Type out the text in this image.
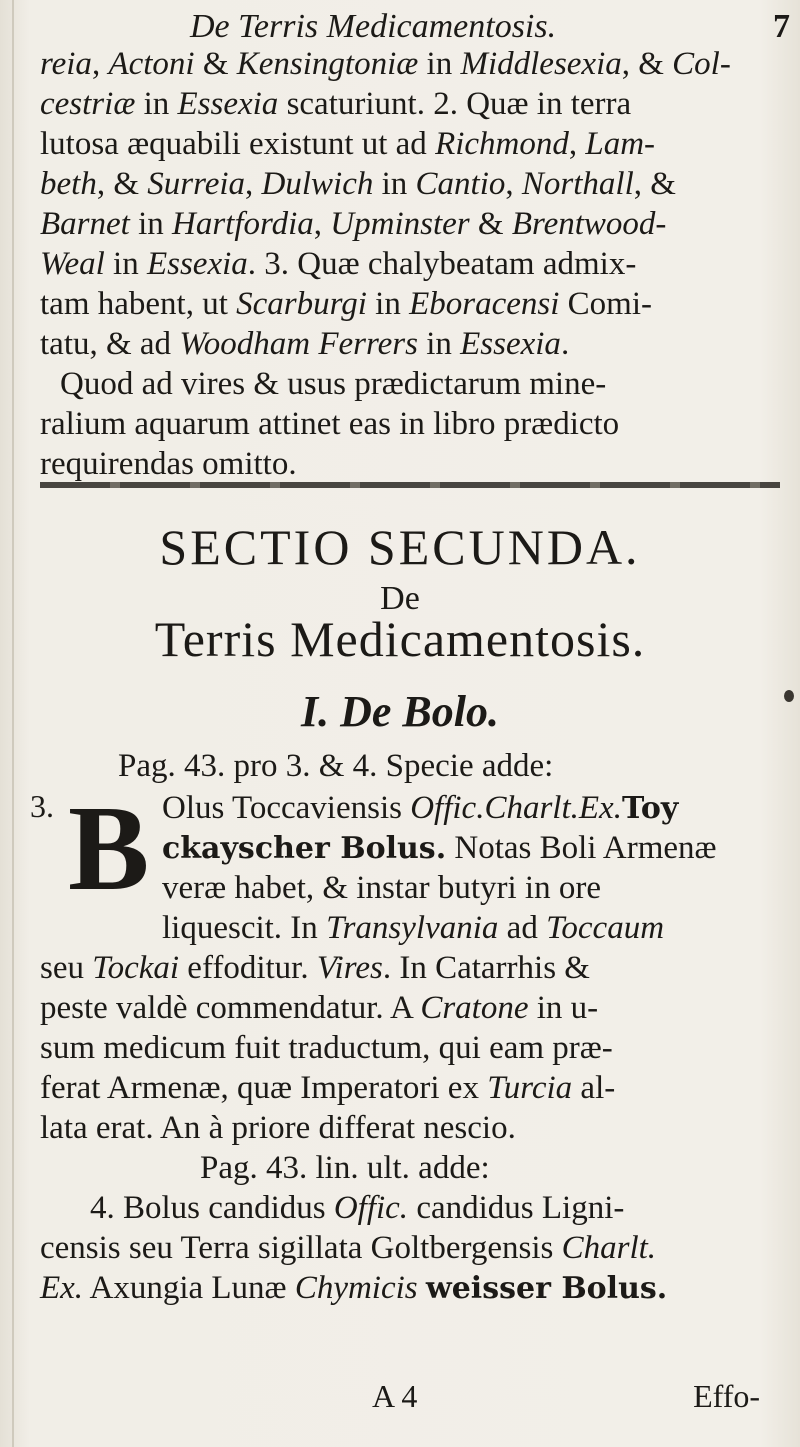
De Terris Medicamentosis.	7
reia, Actoni & Kensingtoniæ in Middlesexia, & Col-
cestriæ in Essexia scaturiunt. 2. Quæ in terra
lutosa æquabili existunt ut ad Richmond, Lam-
beth, & Surreia, Dulwich in Cantio, Northall, &
Barnet in Hartfordia, Upminster & Brentwood-
Weal in Essexia. 3. Quæ chalybeatam admix-
tam habent, ut Scarburgi in Eboracensi Comi-
tatu, & ad Woodham Ferrers in Essexia.
Quod ad vires & usus prædictarum mine-
ralium aquarum attinet eas in libro prædicto
requirendas omitto.
SECTIO SECUNDA.
De
Terris Medicamentosis.
I. De Bolo.
Pag. 43. pro 3. & 4. Specie adde:
3. B Olus Toccaviensis Offic.Charlt.Ex.Toy
ckayscher Bolus. Notas Boli Armenæ
veræ habet, & instar butyri in ore
liquescit. In Transylvania ad Toccaum
seu Tockai effoditur. Vires. In Catarrhis &
peste valdè commendatur. A Cratone in u-
sum medicum fuit traductum, qui eam præ-
ferat Armenæ, quæ Imperatori ex Turcia al-
lata erat. An à priore differat nescio.
Pag. 43. lin. ult. adde:
4. Bolus candidus Offic. candidus Ligni-
censis seu Terra sigillata Goltbergensis Charlt.
Ex. Axungia Lunæ Chymicis weisser Bolus.
A 4	Effo-
